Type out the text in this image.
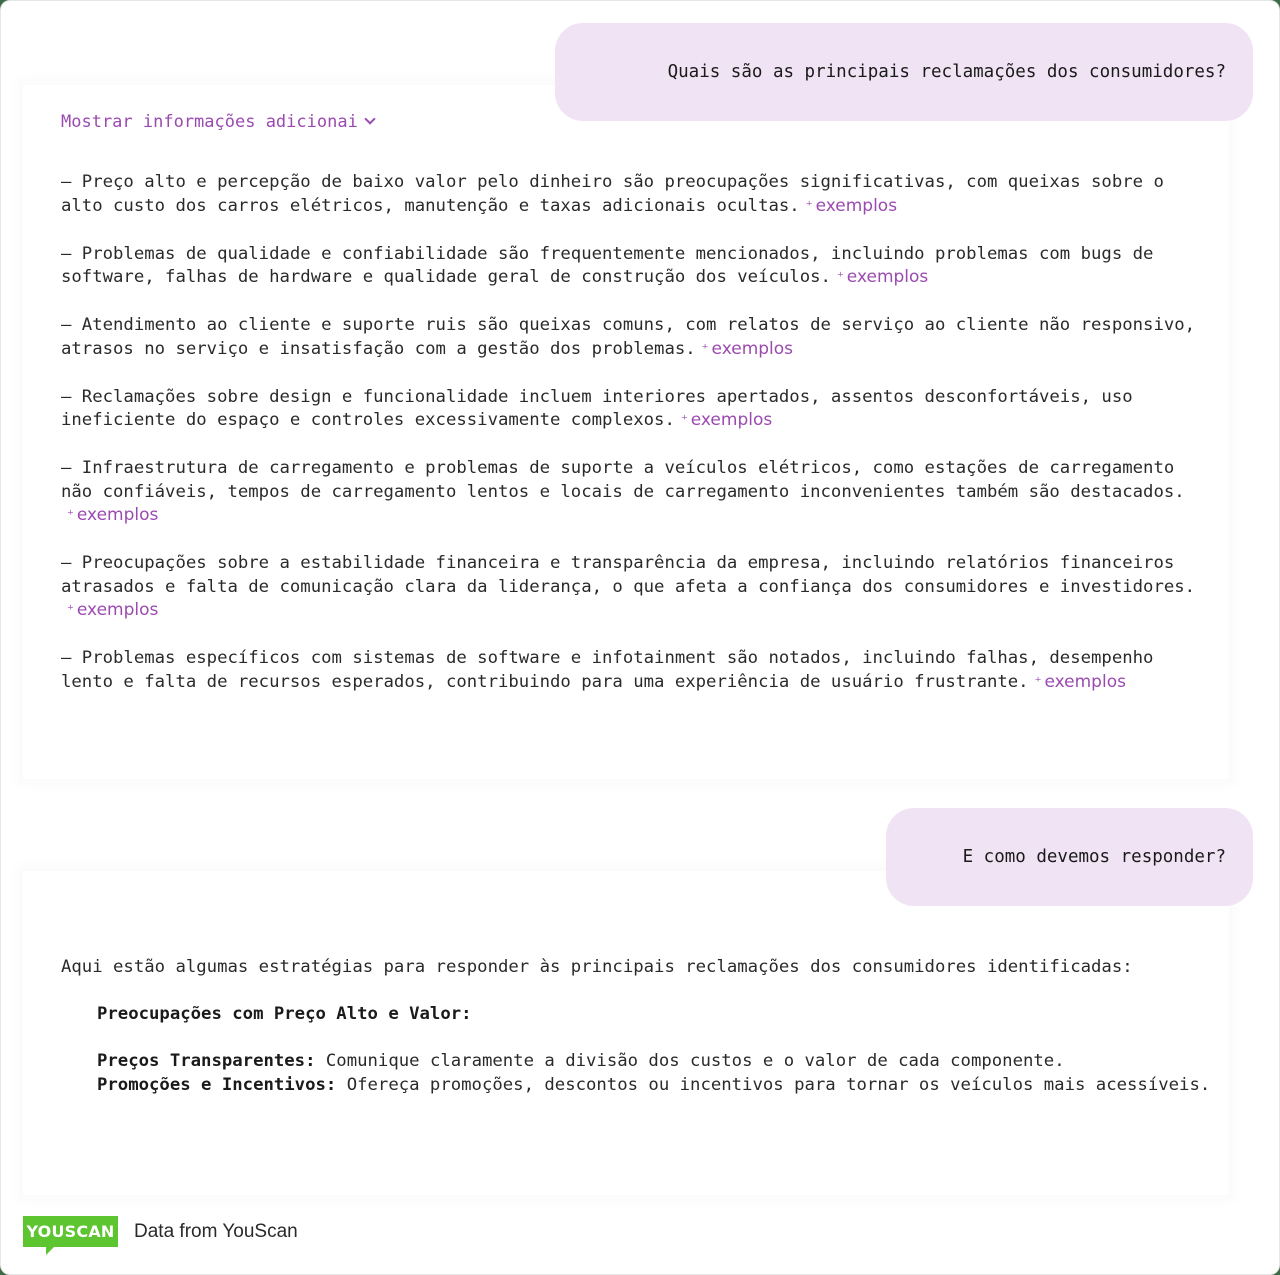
Quais são as principais reclamações dos consumidores?
Mostrar informações adicionai

– Preço alto e percepção de baixo valor pelo dinheiro são preocupações significativas, com queixas sobre o alto custo dos carros elétricos, manutenção e taxas adicionais ocultas. ⁺ exemplos

– Problemas de qualidade e confiabilidade são frequentemente mencionados, incluindo problemas com bugs de software, falhas de hardware e qualidade geral de construção dos veículos. ⁺ exemplos

– Atendimento ao cliente e suporte ruis são queixas comuns, com relatos de serviço ao cliente não responsivo, atrasos no serviço e insatisfação com a gestão dos problemas. ⁺ exemplos

– Reclamações sobre design e funcionalidade incluem interiores apertados, assentos desconfortáveis, uso ineficiente do espaço e controles excessivamente complexos. ⁺ exemplos

– Infraestrutura de carregamento e problemas de suporte a veículos elétricos, como estações de carregamento não confiáveis, tempos de carregamento lentos e locais de carregamento inconvenientes também são destacados.⁺ exemplos

– Preocupações sobre a estabilidade financeira e transparência da empresa, incluindo relatórios financeiros atrasados e falta de comunicação clara da liderança, o que afeta a confiança dos consumidores e investidores.⁺ exemplos

– Problemas específicos com sistemas de software e infotainment são notados, incluindo falhas, desempenho lento e falta de recursos esperados, contribuindo para uma experiência de usuário frustrante. ⁺ exemplos

E como devemos responder?

Aqui estão algumas estratégias para responder às principais reclamações dos consumidores identificadas:

Preocupações com Preço Alto e Valor:

Preços Transparentes: Comunique claramente a divisão dos custos e o valor de cada componente.

Promoções e Incentivos: Ofereça promoções, descontos ou incentivos para tornar os veículos mais acessíveis.

YOUSCAN Data from YouScan
